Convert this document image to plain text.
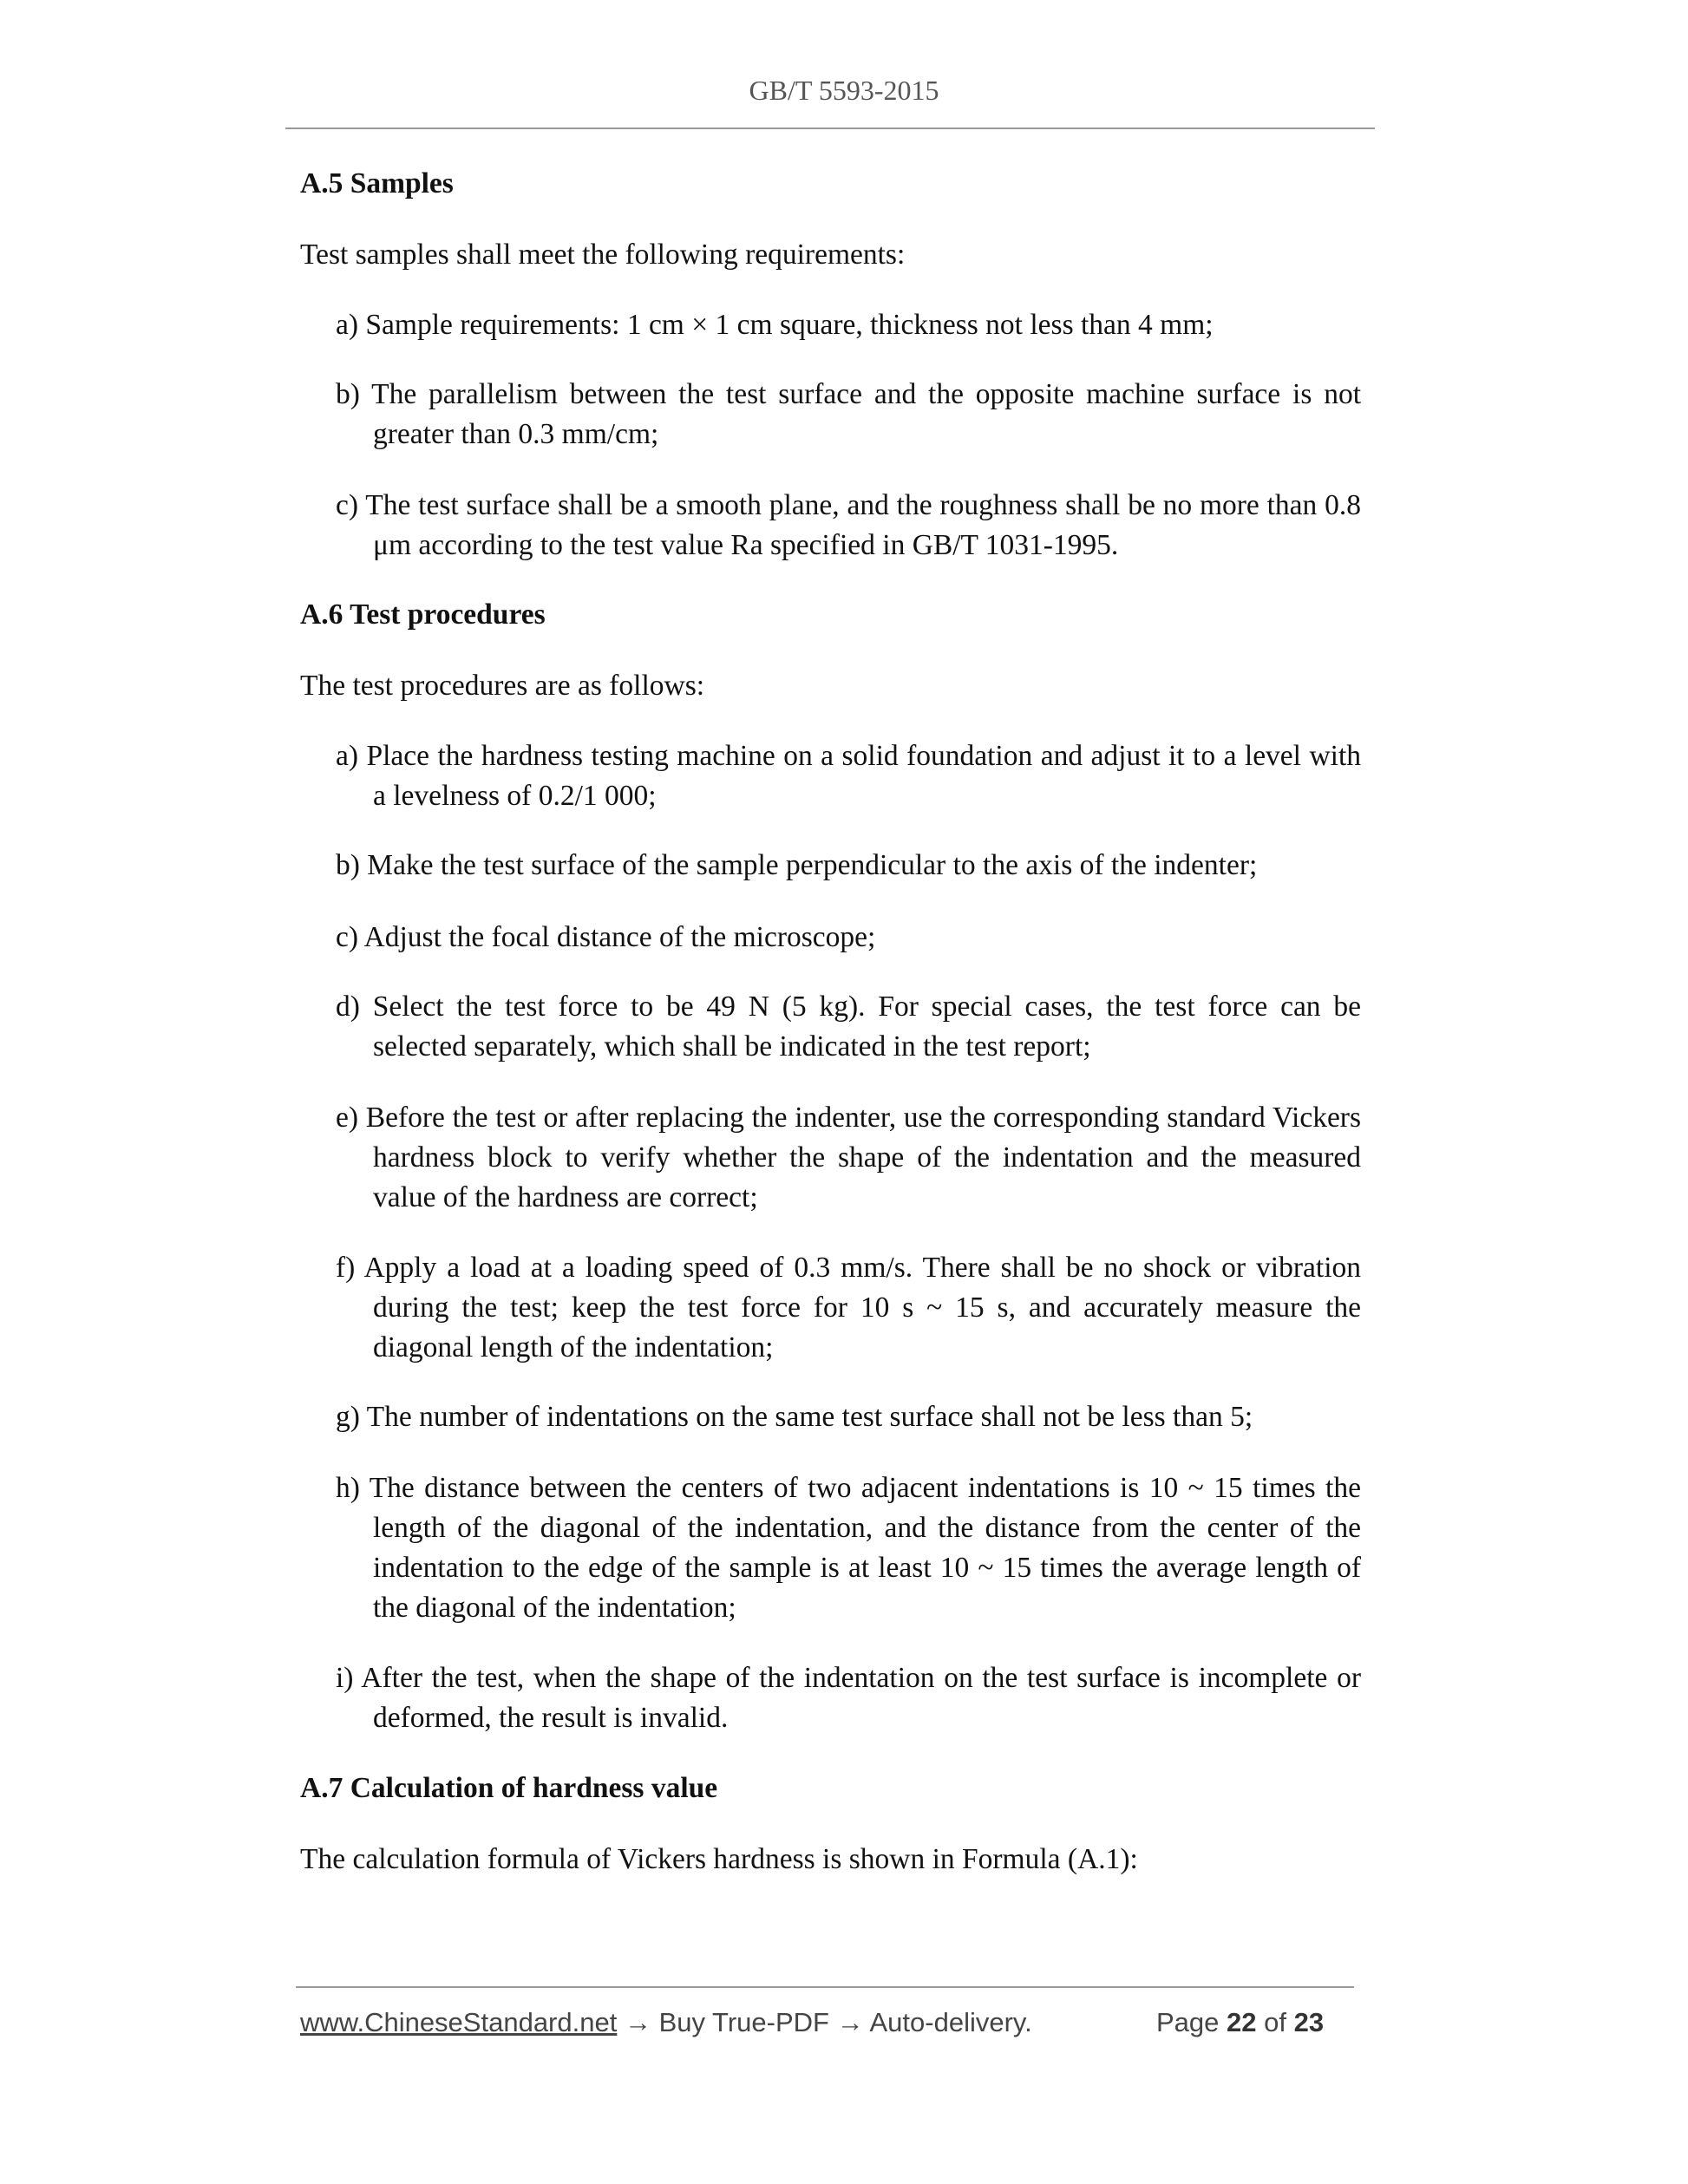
GB/T 5593-2015
A.5 Samples
Test samples shall meet the following requirements:
a) Sample requirements: 1 cm × 1 cm square, thickness not less than 4 mm;
b) The parallelism between the test surface and the opposite machine surface is not greater than 0.3 mm/cm;
c) The test surface shall be a smooth plane, and the roughness shall be no more than 0.8 μm according to the test value Ra specified in GB/T 1031-1995.
A.6 Test procedures
The test procedures are as follows:
a) Place the hardness testing machine on a solid foundation and adjust it to a level with a levelness of 0.2/1 000;
b) Make the test surface of the sample perpendicular to the axis of the indenter;
c) Adjust the focal distance of the microscope;
d) Select the test force to be 49 N (5 kg). For special cases, the test force can be selected separately, which shall be indicated in the test report;
e) Before the test or after replacing the indenter, use the corresponding standard Vickers hardness block to verify whether the shape of the indentation and the measured value of the hardness are correct;
f) Apply a load at a loading speed of 0.3 mm/s. There shall be no shock or vibration during the test; keep the test force for 10 s ~ 15 s, and accurately measure the diagonal length of the indentation;
g) The number of indentations on the same test surface shall not be less than 5;
h) The distance between the centers of two adjacent indentations is 10 ~ 15 times the length of the diagonal of the indentation, and the distance from the center of the indentation to the edge of the sample is at least 10 ~ 15 times the average length of the diagonal of the indentation;
i) After the test, when the shape of the indentation on the test surface is incomplete or deformed, the result is invalid.
A.7 Calculation of hardness value
The calculation formula of Vickers hardness is shown in Formula (A.1):
www.ChineseStandard.net → Buy True-PDF → Auto-delivery.	Page 22 of 23
